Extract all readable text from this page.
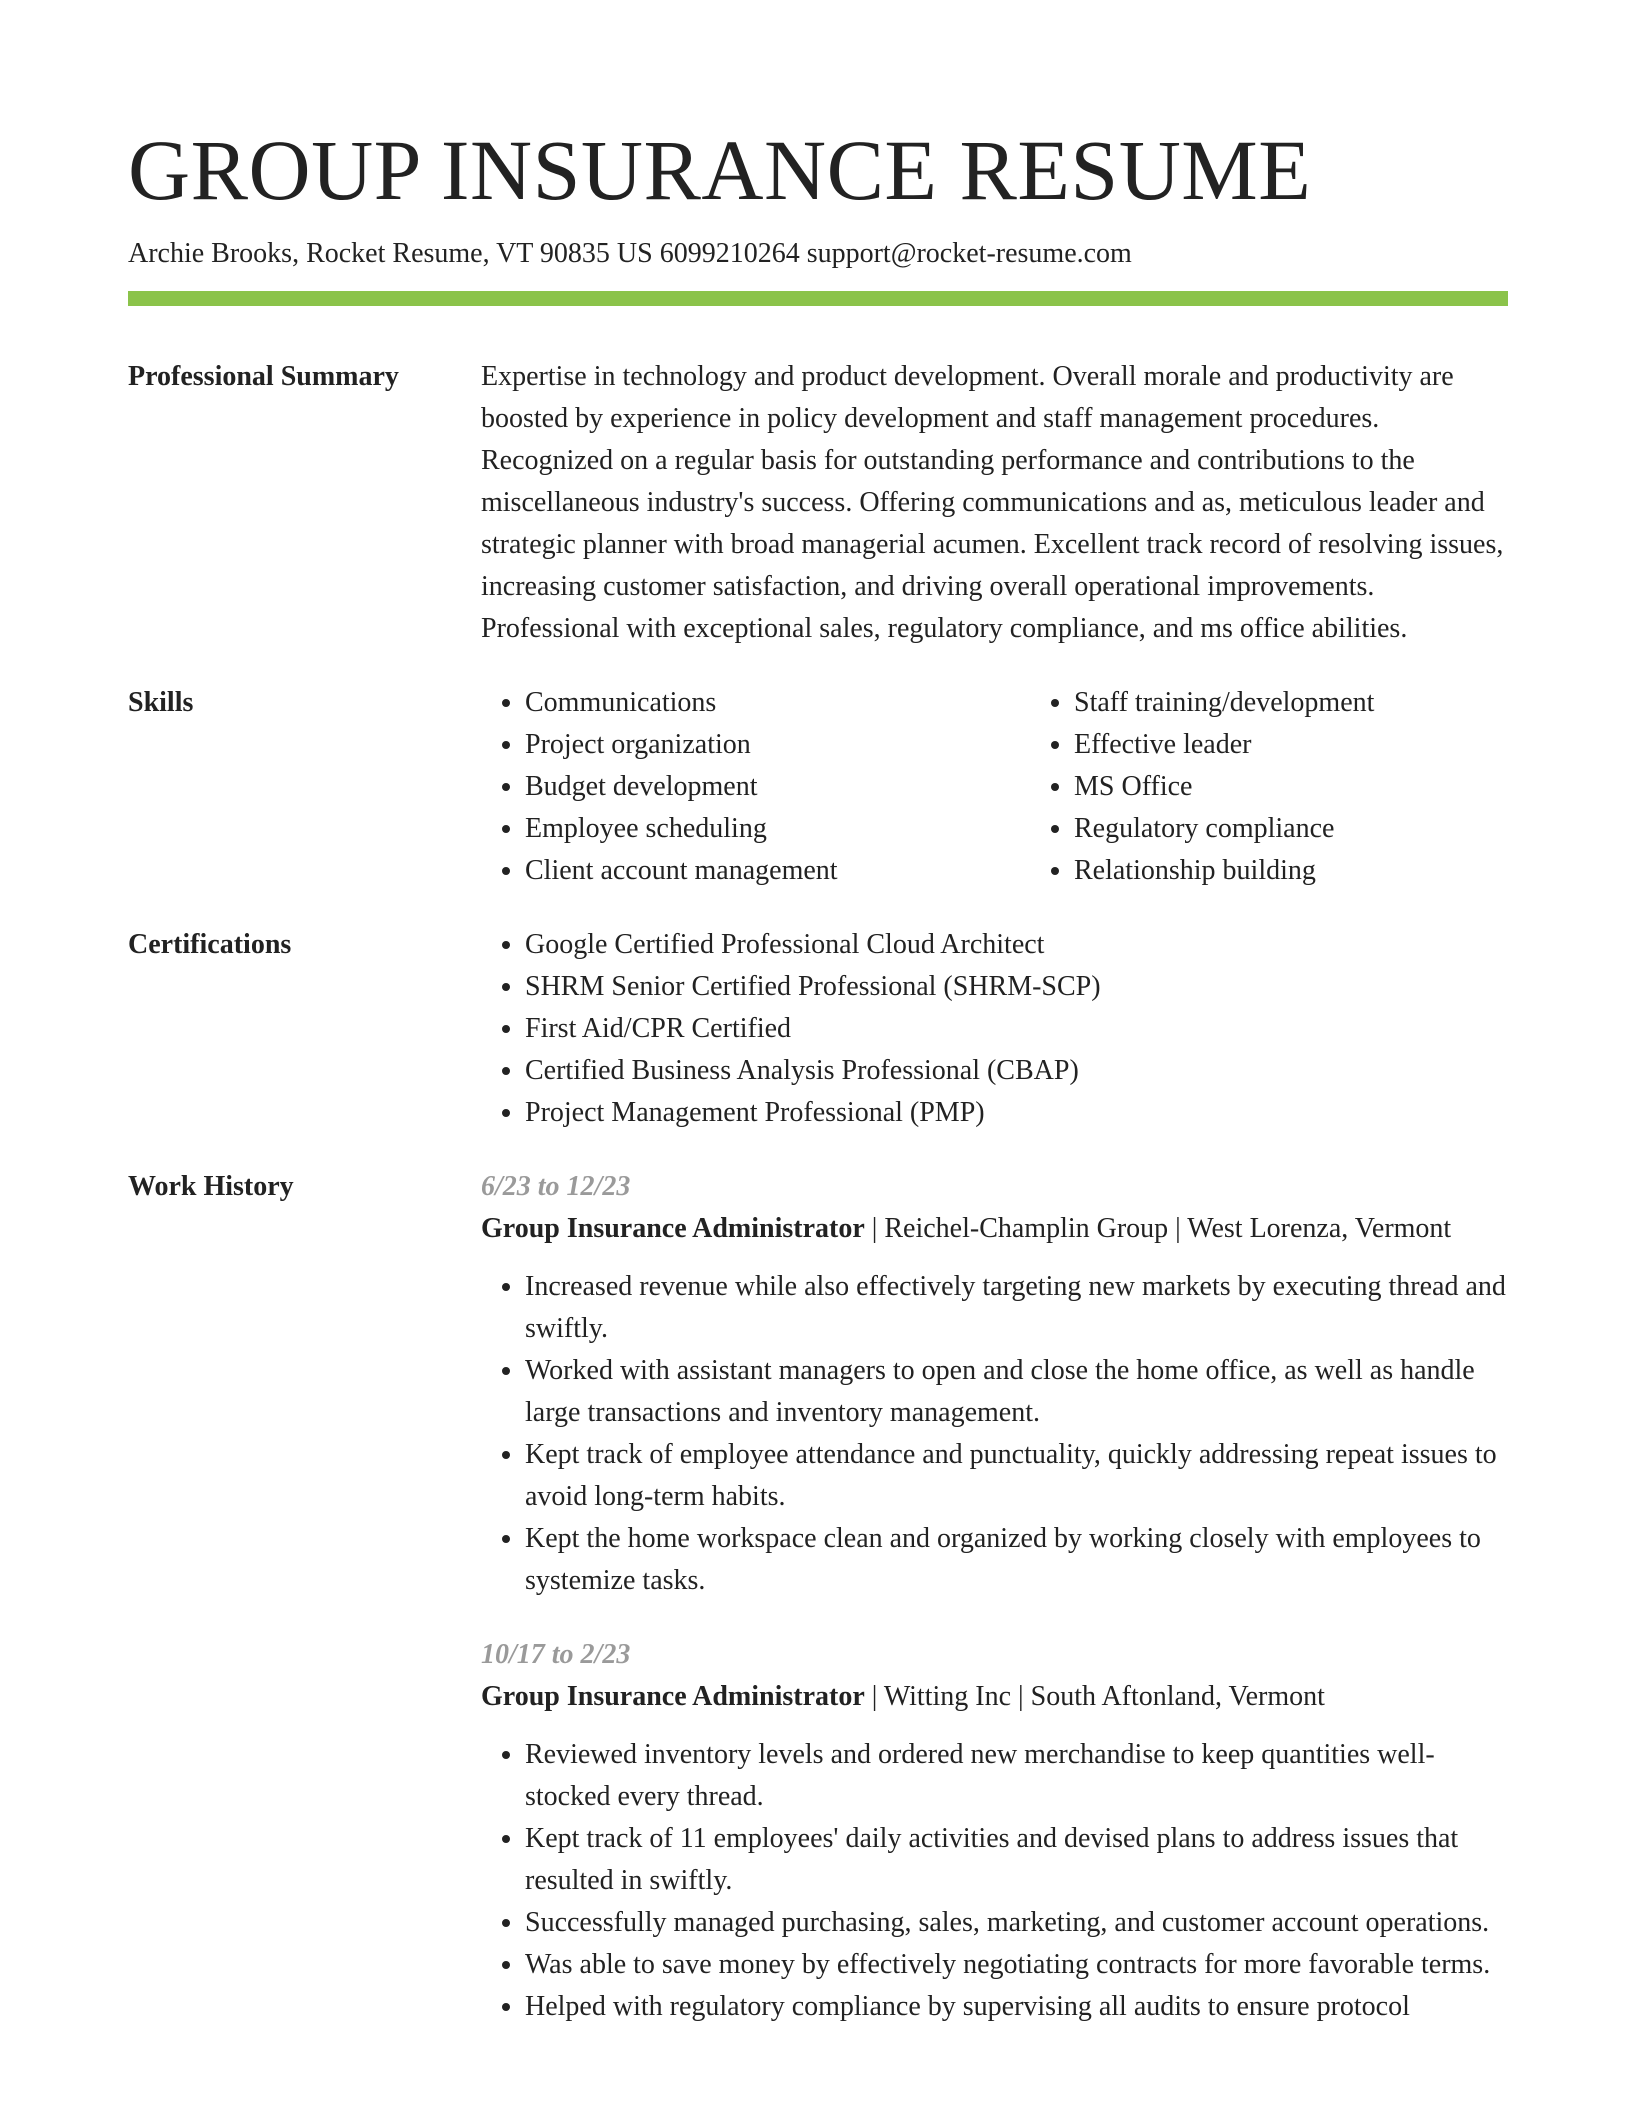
GROUP INSURANCE RESUME
Archie Brooks, Rocket Resume, VT 90835 US 6099210264 support@rocket-resume.com
Professional Summary	Expertise in technology and product development. Overall morale and productivity are boosted by experience in policy development and staff management procedures. Recognized on a regular basis for outstanding performance and contributions to the miscellaneous industry's success. Offering communications and as, meticulous leader and strategic planner with broad managerial acumen. Excellent track record of resolving issues, increasing customer satisfaction, and driving overall operational improvements. Professional with exceptional sales, regulatory compliance, and ms office abilities.
Skills	• Communications
• Project organization
• Budget development
• Employee scheduling
• Client account management
• Staff training/development
• Effective leader
• MS Office
• Regulatory compliance
• Relationship building
Certifications	• Google Certified Professional Cloud Architect
• SHRM Senior Certified Professional (SHRM-SCP)
• First Aid/CPR Certified
• Certified Business Analysis Professional (CBAP)
• Project Management Professional (PMP)
Work History	6/23 to 12/23
Group Insurance Administrator | Reichel-Champlin Group | West Lorenza, Vermont
• Increased revenue while also effectively targeting new markets by executing thread and swiftly.
• Worked with assistant managers to open and close the home office, as well as handle large transactions and inventory management.
• Kept track of employee attendance and punctuality, quickly addressing repeat issues to avoid long-term habits.
• Kept the home workspace clean and organized by working closely with employees to systemize tasks.
10/17 to 2/23
Group Insurance Administrator | Witting Inc | South Aftonland, Vermont
• Reviewed inventory levels and ordered new merchandise to keep quantities well-stocked every thread.
• Kept track of 11 employees' daily activities and devised plans to address issues that resulted in swiftly.
• Successfully managed purchasing, sales, marketing, and customer account operations.
• Was able to save money by effectively negotiating contracts for more favorable terms.
• Helped with regulatory compliance by supervising all audits to ensure protocol
